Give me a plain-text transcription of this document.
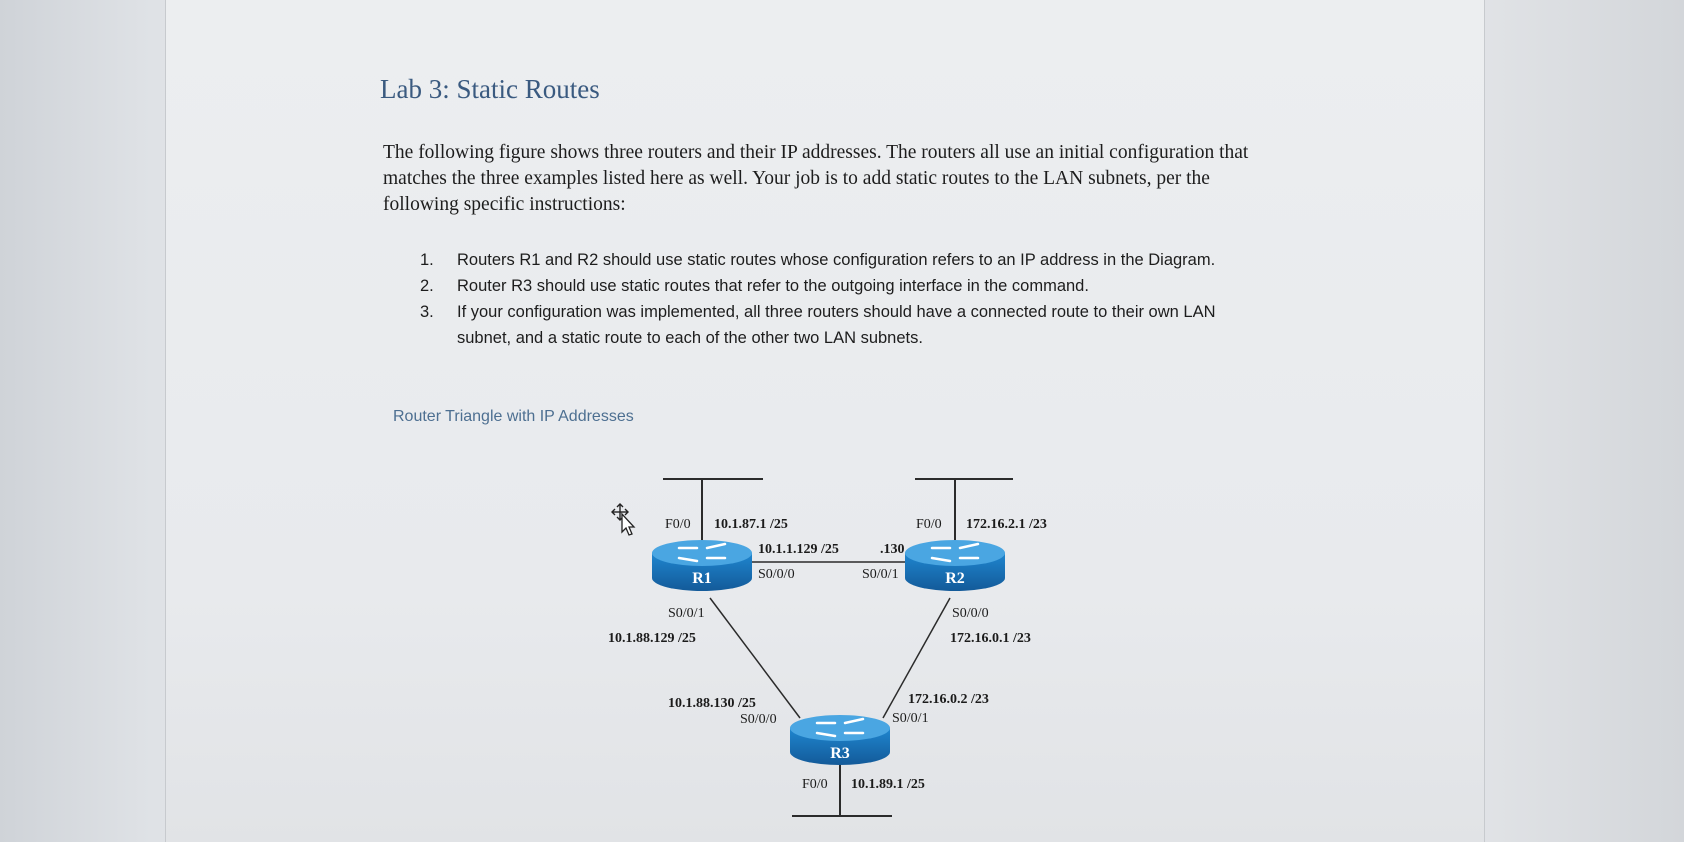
Lab 3: Static Routes

The following figure shows three routers and their IP addresses. The routers all use an initial configuration that matches the three examples listed here as well. Your job is to add static routes to the LAN subnets, per the following specific instructions:

1. Routers R1 and R2 should use static routes whose configuration refers to an IP address in the Diagram.
2. Router R3 should use static routes that refer to the outgoing interface in the command.
3. If your configuration was implemented, all three routers should have a connected route to their own LAN subnet, and a static route to each of the other two LAN subnets.

Router Triangle with IP Addresses

R1	R2
R3
F0/0 10.1.87.1 /25
10.1.1.129 /25	.130
S0/0/0	S0/0/1
F0/0 172.16.2.1 /23
S0/0/1
10.1.88.129 /25
S0/0/0
172.16.0.1 /23
10.1.88.130 /25
S0/0/0
172.16.0.2 /23
S0/0/1
F0/0 10.1.89.1 /25
